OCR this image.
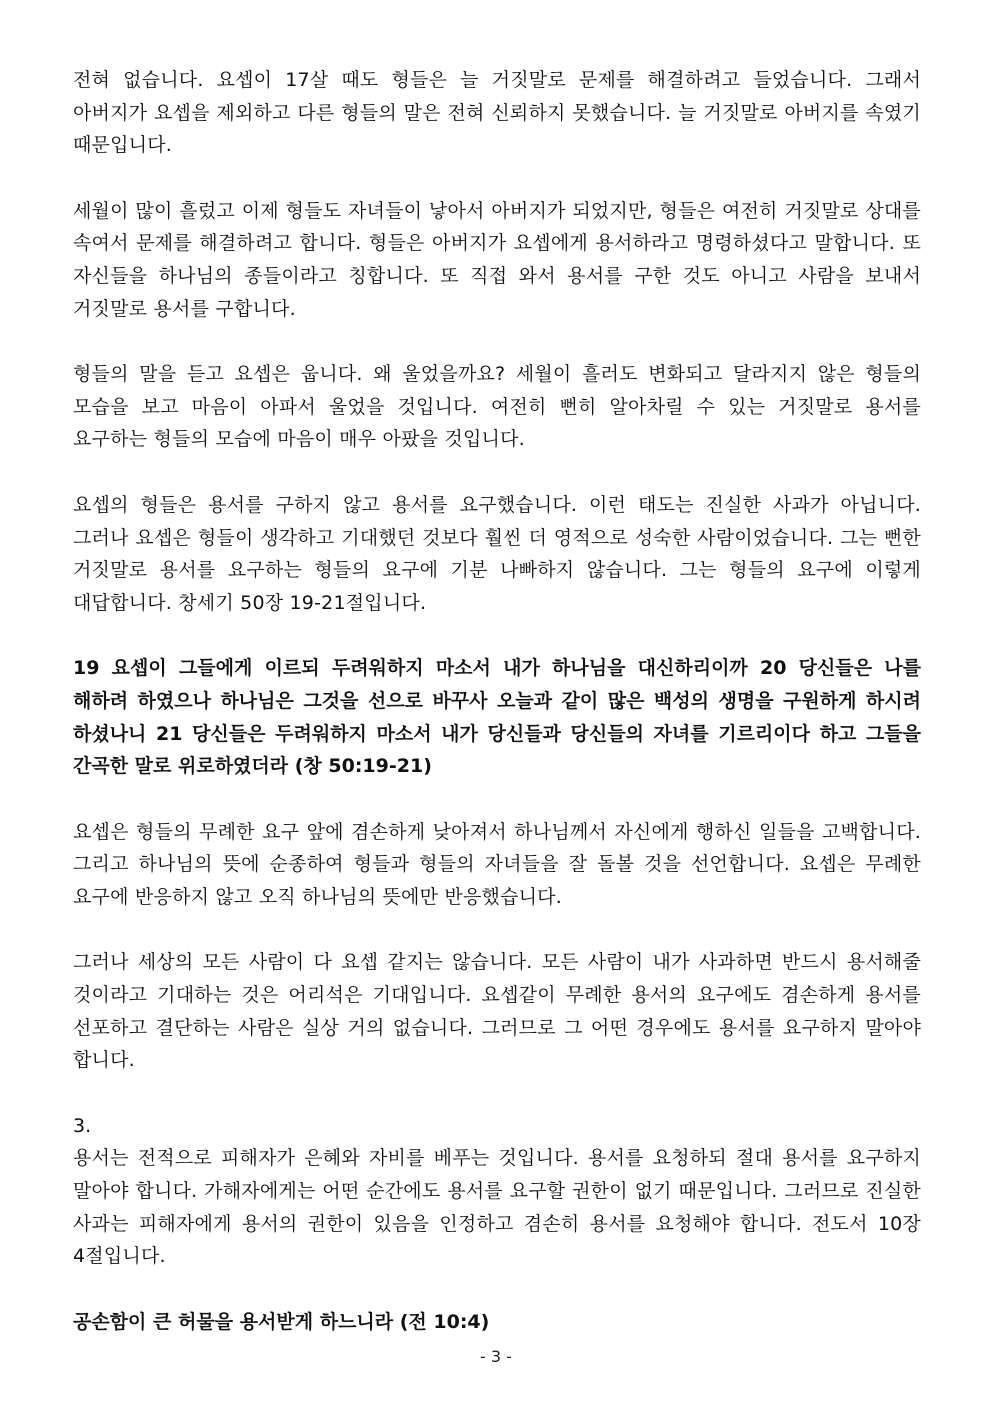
전혀 없습니다. 요셉이 17살 때도 형들은 늘 거짓말로 문제를 해결하려고 들었습니다. 그래서 아버지가 요셉을 제외하고 다른 형들의 말은 전혀 신뢰하지 못했습니다. 늘 거짓말로 아버지를 속였기 때문입니다.

세월이 많이 흘렀고 이제 형들도 자녀들이 낳아서 아버지가 되었지만, 형들은 여전히 거짓말로 상대를 속여서 문제를 해결하려고 합니다. 형들은 아버지가 요셉에게 용서하라고 명령하셨다고 말합니다. 또 자신들을 하나님의 종들이라고 칭합니다. 또 직접 와서 용서를 구한 것도 아니고 사람을 보내서 거짓말로 용서를 구합니다.

형들의 말을 듣고 요셉은 웁니다. 왜 울었을까요? 세월이 흘러도 변화되고 달라지지 않은 형들의 모습을 보고 마음이 아파서 울었을 것입니다. 여전히 뻔히 알아차릴 수 있는 거짓말로 용서를 요구하는 형들의 모습에 마음이 매우 아팠을 것입니다.

요셉의 형들은 용서를 구하지 않고 용서를 요구했습니다. 이런 태도는 진실한 사과가 아닙니다. 그러나 요셉은 형들이 생각하고 기대했던 것보다 훨씬 더 영적으로 성숙한 사람이었습니다. 그는 뻔한 거짓말로 용서를 요구하는 형들의 요구에 기분 나빠하지 않습니다. 그는 형들의 요구에 이렇게 대답합니다. 창세기 50장 19-21절입니다.

19 요셉이 그들에게 이르되 두려워하지 마소서 내가 하나님을 대신하리이까 20 당신들은 나를 해하려 하였으나 하나님은 그것을 선으로 바꾸사 오늘과 같이 많은 백성의 생명을 구원하게 하시려 하셨나니 21 당신들은 두려워하지 마소서 내가 당신들과 당신들의 자녀를 기르리이다 하고 그들을 간곡한 말로 위로하였더라 (창 50:19-21)

요셉은 형들의 무례한 요구 앞에 겸손하게 낮아져서 하나님께서 자신에게 행하신 일들을 고백합니다. 그리고 하나님의 뜻에 순종하여 형들과 형들의 자녀들을 잘 돌볼 것을 선언합니다. 요셉은 무례한 요구에 반응하지 않고 오직 하나님의 뜻에만 반응했습니다.

그러나 세상의 모든 사람이 다 요셉 같지는 않습니다. 모든 사람이 내가 사과하면 반드시 용서해줄 것이라고 기대하는 것은 어리석은 기대입니다. 요셉같이 무례한 용서의 요구에도 겸손하게 용서를 선포하고 결단하는 사람은 실상 거의 없습니다. 그러므로 그 어떤 경우에도 용서를 요구하지 말아야 합니다.

3.

용서는 전적으로 피해자가 은혜와 자비를 베푸는 것입니다. 용서를 요청하되 절대 용서를 요구하지 말아야 합니다. 가해자에게는 어떤 순간에도 용서를 요구할 권한이 없기 때문입니다. 그러므로 진실한 사과는 피해자에게 용서의 권한이 있음을 인정하고 겸손히 용서를 요청해야 합니다. 전도서 10장 4절입니다.

공손함이 큰 허물을 용서받게 하느니라 (전 10:4)

- 3 -
